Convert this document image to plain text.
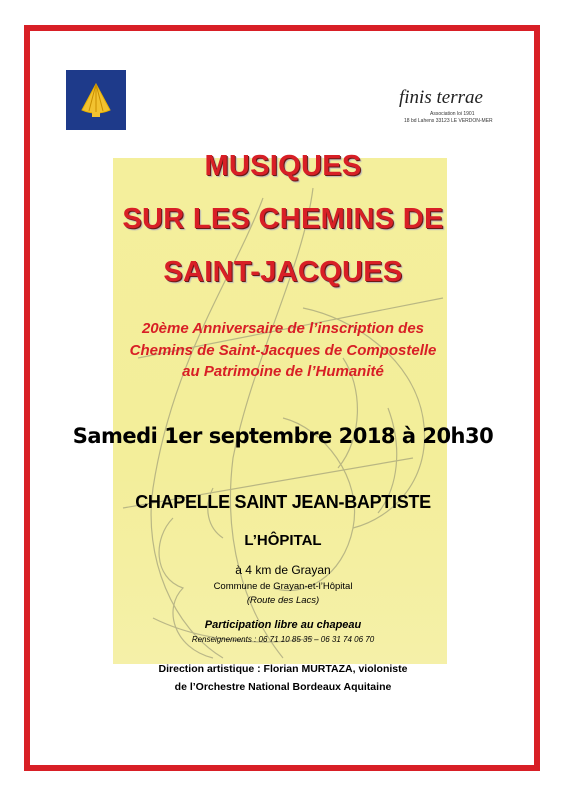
finis terrae
Association loi 1901
18 bd Lahens 33123 LE VERDON-MER
MUSIQUES
SUR LES CHEMINS DE
SAINT-JACQUES
20ème Anniversaire de l’inscription des
Chemins de Saint-Jacques de Compostelle
au Patrimoine de l’Humanité
Samedi 1er septembre 2018 à 20h30
CHAPELLE SAINT JEAN-BAPTISTE
L’HÔPITAL
à 4 km de Grayan
Commune de Grayan-et-l’Hôpital
(Route des Lacs)
Participation libre au chapeau
Renseignements : 06 71 10 85 35 – 06 31 74 06 70
Direction artistique : Florian MURTAZA, violoniste
de l’Orchestre National Bordeaux Aquitaine
